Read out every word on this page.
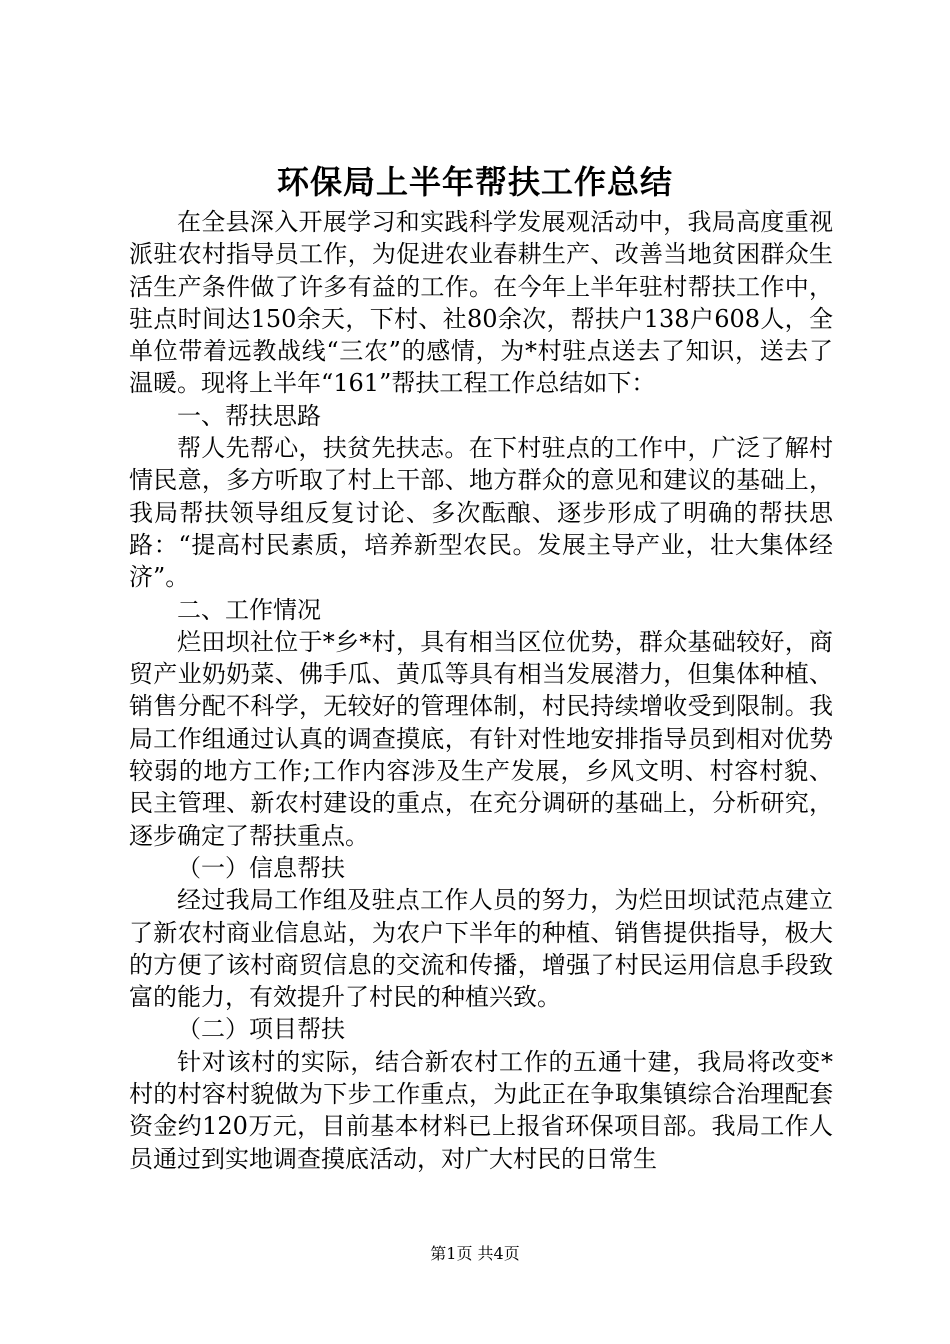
环保局上半年帮扶工作总结

在全县深入开展学习和实践科学发展观活动中，我局高度重视派驻农村指导员工作，为促进农业春耕生产、改善当地贫困群众生活生产条件做了许多有益的工作。在今年上半年驻村帮扶工作中，驻点时间达150余天，下村、社80余次，帮扶户138户608人，全单位带着远教战线“三农”的感情，为*村驻点送去了知识，送去了温暖。现将上半年“161”帮扶工程工作总结如下：

一、帮扶思路

帮人先帮心，扶贫先扶志。在下村驻点的工作中，广泛了解村情民意，多方听取了村上干部、地方群众的意见和建议的基础上，我局帮扶领导组反复讨论、多次酝酿、逐步形成了明确的帮扶思路：“提高村民素质，培养新型农民。发展主导产业，壮大集体经济”。

二、工作情况

烂田坝社位于*乡*村，具有相当区位优势，群众基础较好，商贸产业奶奶菜、佛手瓜、黄瓜等具有相当发展潜力，但集体种植、销售分配不科学，无较好的管理体制，村民持续增收受到限制。我局工作组通过认真的调查摸底，有针对性地安排指导员到相对优势较弱的地方工作;工作内容涉及生产发展，乡风文明、村容村貌、民主管理、新农村建设的重点，在充分调研的基础上，分析研究，逐步确定了帮扶重点。

（一）信息帮扶

经过我局工作组及驻点工作人员的努力，为烂田坝试范点建立了新农村商业信息站，为农户下半年的种植、销售提供指导，极大的方便了该村商贸信息的交流和传播，增强了村民运用信息手段致富的能力，有效提升了村民的种植兴致。

（二）项目帮扶

针对该村的实际，结合新农村工作的五通十建，我局将改变*村的村容村貌做为下步工作重点，为此正在争取集镇综合治理配套资金约120万元，目前基本材料已上报省环保项目部。我局工作人员通过到实地调查摸底活动，对广大村民的日常生

第1页 共4页
